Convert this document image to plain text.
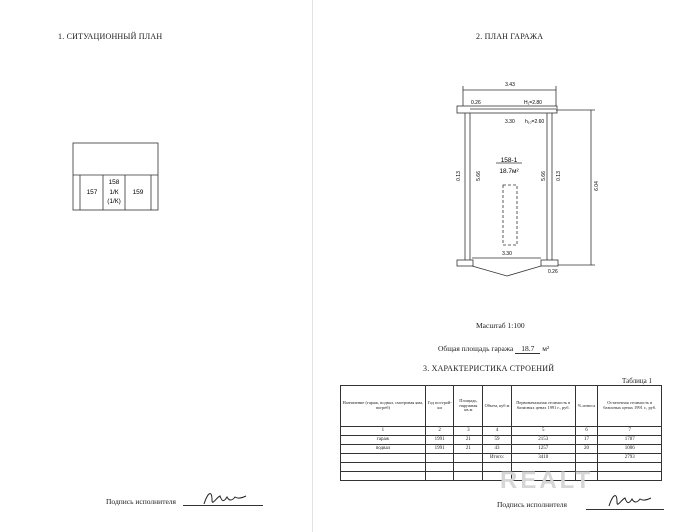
1. СИТУАЦИОННЫЙ ПЛАН
157
158
1/К
(1/К)
159
Подпись исполнителя
2. ПЛАН ГАРАЖА
3.43
0.26	H₁=2.80
3.30 h₁₀=2.60
158-1
18.7м²
0.13	5.66	5.66 0.13
6.04
3.30
0.26
Масштаб 1:100
Общая площадь гаража 18.7 м²
3. ХАРАКТЕРИСТИКА СТРОЕНИЙ
Таблица 1
Назначение (гараж, подвал, смотровая яма, погреб)	Год построй-ки	Площадь, наружная кв.м	Объем, куб.м	Первоначальная стоимость в базисных ценах 1991 г., руб.	% износа	Остаточная стоимость в базисных ценах 1991 г., руб.
1	2	3	4	5	6	7
гараж	1991	21	59	2153	17	1787
подвал	1991	21	43	1257	20	1006
			Итого:	3410		2793

REALT
Подпись исполнителя
